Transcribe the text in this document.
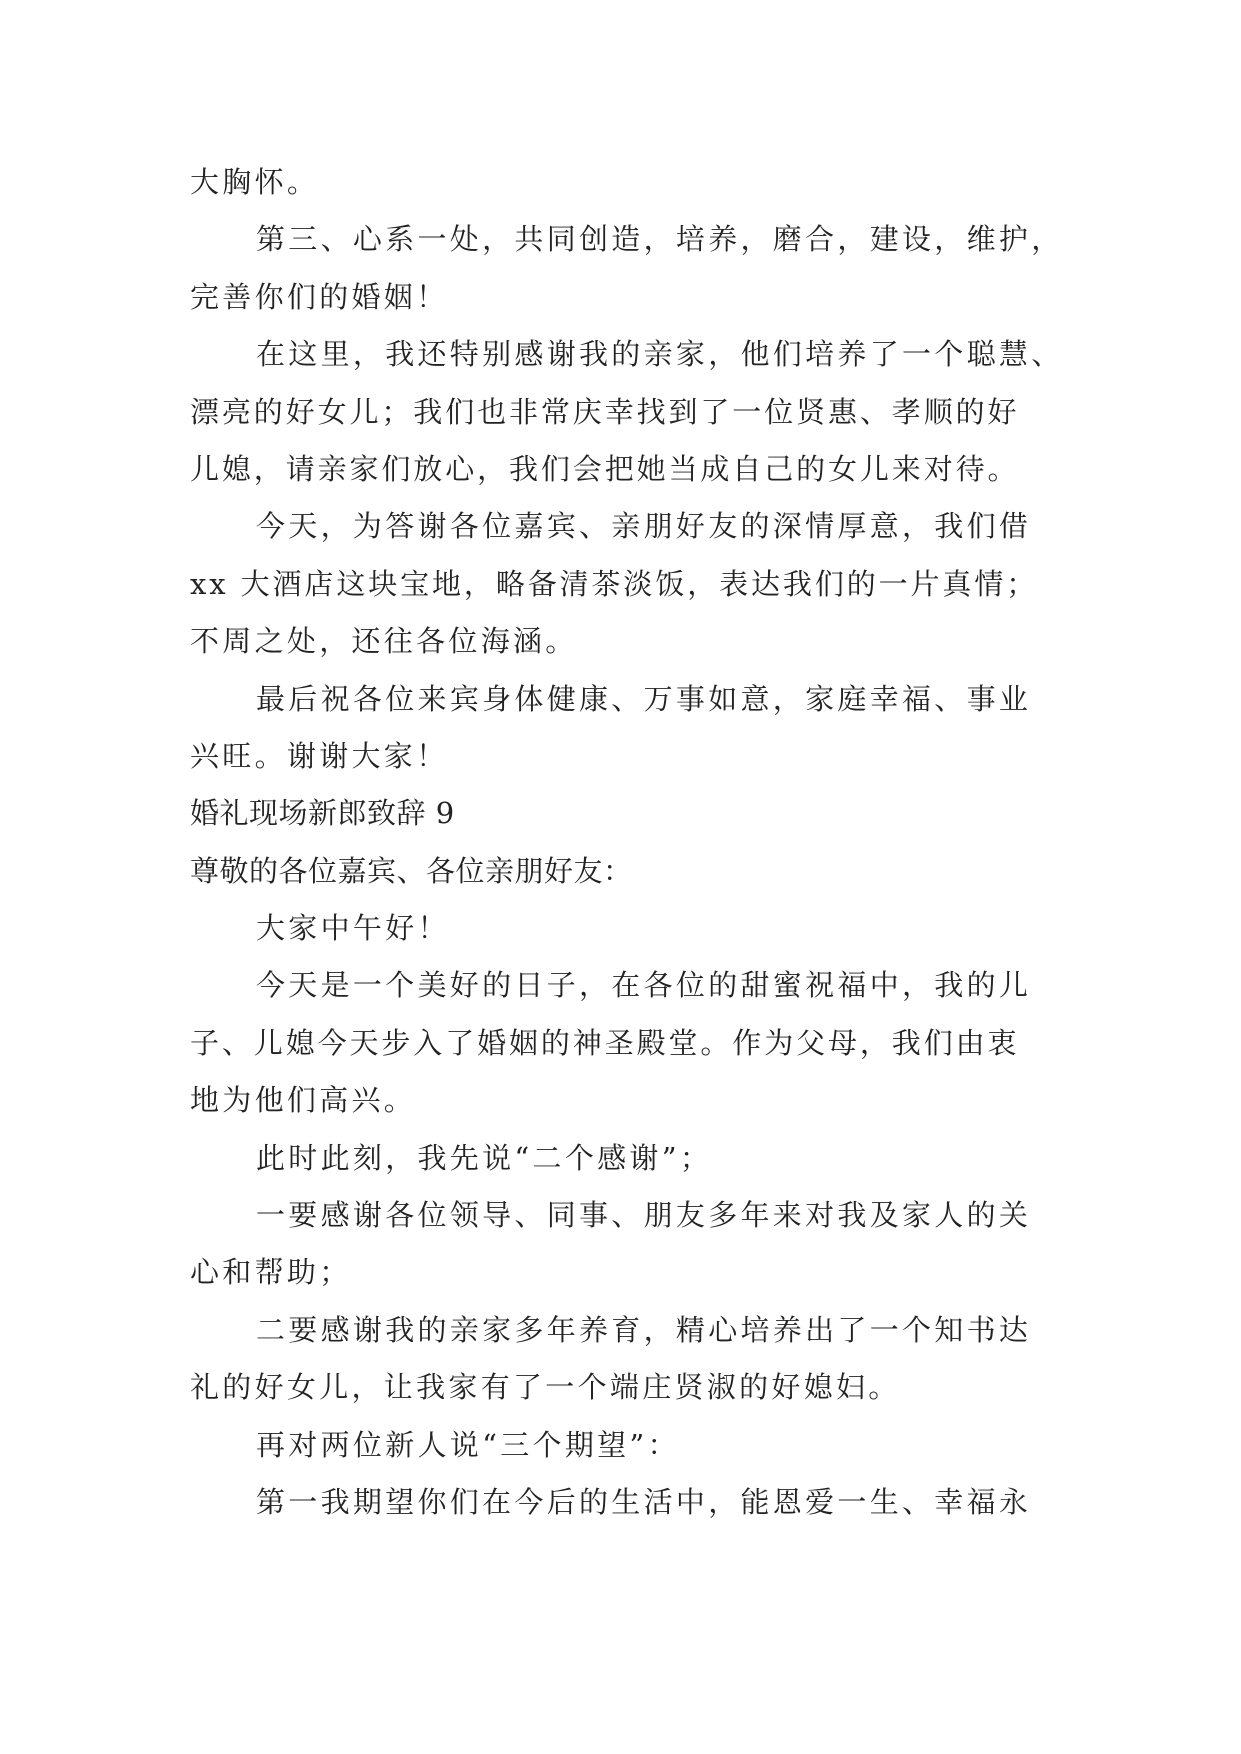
大胸怀。
第三、心系一处，共同创造，培养，磨合，建设，维护，
完善你们的婚姻！
在这里，我还特别感谢我的亲家，他们培养了一个聪慧、
漂亮的好女儿；我们也非常庆幸找到了一位贤惠、孝顺的好
儿媳，请亲家们放心，我们会把她当成自己的女儿来对待。
今天，为答谢各位嘉宾、亲朋好友的深情厚意，我们借
xx 大酒店这块宝地，略备清茶淡饭，表达我们的一片真情；
不周之处，还往各位海涵。
最后祝各位来宾身体健康、万事如意，家庭幸福、事业
兴旺。谢谢大家！
婚礼现场新郎致辞 9
尊敬的各位嘉宾、各位亲朋好友：
大家中午好！
今天是一个美好的日子，在各位的甜蜜祝福中，我的儿
子、儿媳今天步入了婚姻的神圣殿堂。作为父母，我们由衷
地为他们高兴。
此时此刻，我先说“二个感谢”；
一要感谢各位领导、同事、朋友多年来对我及家人的关
心和帮助；
二要感谢我的亲家多年养育，精心培养出了一个知书达
礼的好女儿，让我家有了一个端庄贤淑的好媳妇。
再对两位新人说“三个期望”：
第一我期望你们在今后的生活中，能恩爱一生、幸福永
